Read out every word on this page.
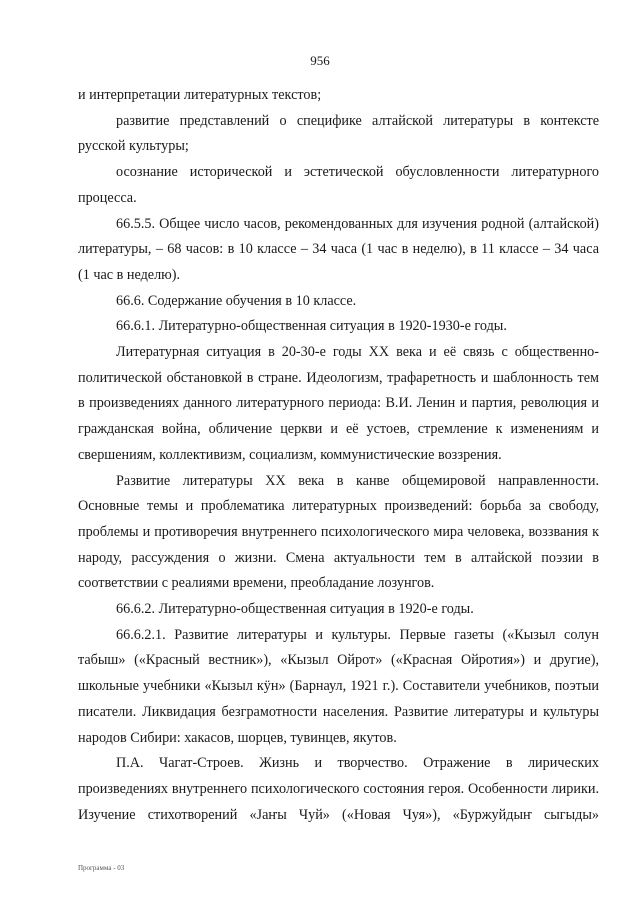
956

и интерпретации литературных текстов;

развитие представлений о специфике алтайской литературы в контексте русской культуры;

осознание исторической и эстетической обусловленности литературного процесса.

66.5.5. Общее число часов, рекомендованных для изучения родной (алтайской) литературы, – 68 часов: в 10 классе – 34 часа (1 час в неделю), в 11 классе – 34 часа (1 час в неделю).

66.6. Содержание обучения в 10 классе.

66.6.1. Литературно-общественная ситуация в 1920-1930-е годы.

Литературная ситуация в 20-30-е годы XX века и её связь с общественно-политической обстановкой в стране. Идеологизм, трафаретность и шаблонность тем в произведениях данного литературного периода: В.И. Ленин и партия, революция и гражданская война, обличение церкви и её устоев, стремление к изменениям и свершениям, коллективизм, социализм, коммунистические воззрения.

Развитие литературы XX века в канве общемировой направленности. Основные темы и проблематика литературных произведений: борьба за свободу, проблемы и противоречия внутреннего психологического мира человека, воззвания к народу, рассуждения о жизни. Смена актуальности тем в алтайской поэзии в соответствии с реалиями времени, преобладание лозунгов.

66.6.2. Литературно-общественная ситуация в 1920-е годы.

66.6.2.1. Развитие литературы и культуры. Первые газеты («Кызыл солун табыш» («Красный вестник»), «Кызыл Ойрот» («Красная Ойротия») и другие), школьные учебники «Кызыл кӱн» (Барнаул, 1921 г.). Составители учебников, поэтыи писатели. Ликвидация безграмотности населения. Развитие литературы и культуры народов Сибири: хакасов, шорцев, тувинцев, якутов.

П.А. Чагат-Строев. Жизнь и творчество. Отражение в лирических произведениях внутреннего психологического состояния героя. Особенности лирики. Изучение стихотворений «Јаҥы Чуй» («Новая Чуя»), «Буржуйдыҥ сыгыды»

Программа - 03
